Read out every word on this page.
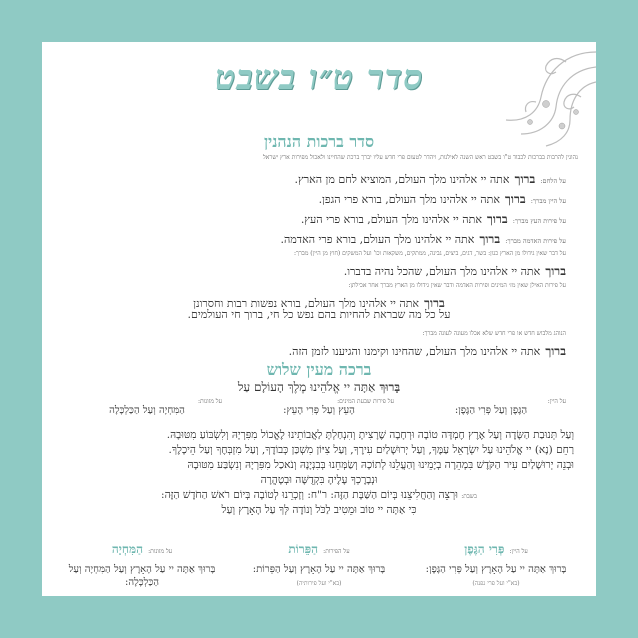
סדר ט״ו בשבט
סדר ברכות הנהנין
נהוגין להרבות בברכות לכבוד ט"ו בשבט ראש השנה לאילנות, ויהדר לטעום פרי חדש עליו יברך ברכת שהחיינו ולאכול מפירות ארץ ישראל
על הלחם: ברוך אתה יי אלהינו מלך העולם, המוציא לחם מן הארץ.
על היין מברך: ברוך אתה יי אלהינו מלך העולם, בורא פרי הגפן.
על פירות העץ מברך: ברוך אתה יי אלהינו מלך העולם, בורא פרי העץ.
על פירות האדמה מברך: ברוך אתה יי אלהינו מלך העולם, בורא פרי האדמה.
על דבר שאין גידולו מן הארץ כגון: בשר, דגים, ביצים, גבינה, ממתקים, משקאות וכו' ועל המשקים (חוץ מן היין) מברך:
ברוך אתה יי אלהינו מלך העולם, שהכל נהיה בדברו.
על פירות האילן שאין מז׳ המינים ופירות האדמה ודבר שאין גידולו מן הארץ מברך אחר אכילתן:
ברוך אתה יי אלהינו מלך העולם, בורא נפשות רבות וחסרונן
על כל מה שבראת להחיות בהם נפש כל חי, ברוך חי העולמים.
הנוהג מלבוש חדש או פרי חדש שלא אכלו מעונה לעונה מברך:
ברוך אתה יי אלהינו מלך העולם, שהחינו וקימנו והגיענו לזמן הזה.
ברכה מעין שלוש
בָּרוּךְ אַתָּה יי אֱלֹהֵינוּ מֶלֶךְ הָעוֹלָם עַל
על היין:
הַגֶּפֶן וְעַל פְּרִי הַגֶּפֶן:
על פירות שבעת המינים:
הָעֵץ וְעַל פְּרִי הָעֵץ:
על מזונות:
הַמִּחְיָה וְעַל הַכַּלְכָּלָה
וְעַל תְּנוּבַת הַשָּׂדֶה וְעַל אֶרֶץ חֶמְדָּה טוֹבָה וּרְחָבָה שֶׁרָצִיתָ וְהִנְחַלְתָּ לַאֲבוֹתֵינוּ לֶאֱכוֹל מִפִּרְיָהּ וְלִשְׂבּוֹעַ מִטּוּבָהּ.
רַחֵם (נָא) יי אֱלֹהֵינוּ עַל יִשְׂרָאֵל עַמֶּךָ, וְעַל יְרוּשָׁלַיִם עִירֶךָ, וְעַל צִיּוֹן מִשְׁכַּן כְּבוֹדֶךָ, וְעַל מִזְבְּחֶךָ וְעַל הֵיכָלֶךָ.
וּבְנֵה יְרוּשָׁלַיִם עִיר הַקֹּדֶשׁ בִּמְהֵרָה בְיָמֵינוּ וְהַעֲלֵנוּ לְתוֹכָהּ וְשַׂמְּחֵנוּ בְּבִנְיָנָהּ וְנֹאכַל מִפִּרְיָהּ וְנִשְׂבַּע מִטּוּבָהּ
וּנְבָרֶכְךָ עָלֶיהָ בִּקְדֻשָּׁה וּבְטָהֳרָה
בשבת: וּרְצֵה וְהַחֲלִיצֵנוּ בְּיוֹם הַשַּׁבָּת הַזֶּה: ר"ח: וְזָכְרֵנוּ לְטוֹבָה בְּיוֹם רֹאשׁ הַחֹדֶשׁ הַזֶּה:
כִּי אַתָּה יי טוֹב וּמֵטִיב לַכֹּל וְנוֹדֶה לְּךָ עַל הָאָרֶץ וְעַל
על היין: פְּרִי הַגֶּפֶן
בָּרוּךְ אַתָּה יי עַל הָאָרֶץ וְעַל פְּרִי הַגָּפֶן:
(בא"י ועל פרי גפנה)
על הפירות: הַפֵּרוֹת
בָּרוּךְ אַתָּה יי עַל הָאָרֶץ וְעַל הַפֵּרוֹת:
(בא"י ועל פירותיה)
על מזונות: הַמִּחְיָה
בָּרוּךְ אַתָּה יי עַל הָאָרֶץ וְעַל הַמִּחְיָה וְעַל הַכַּלְכָּלָה:
